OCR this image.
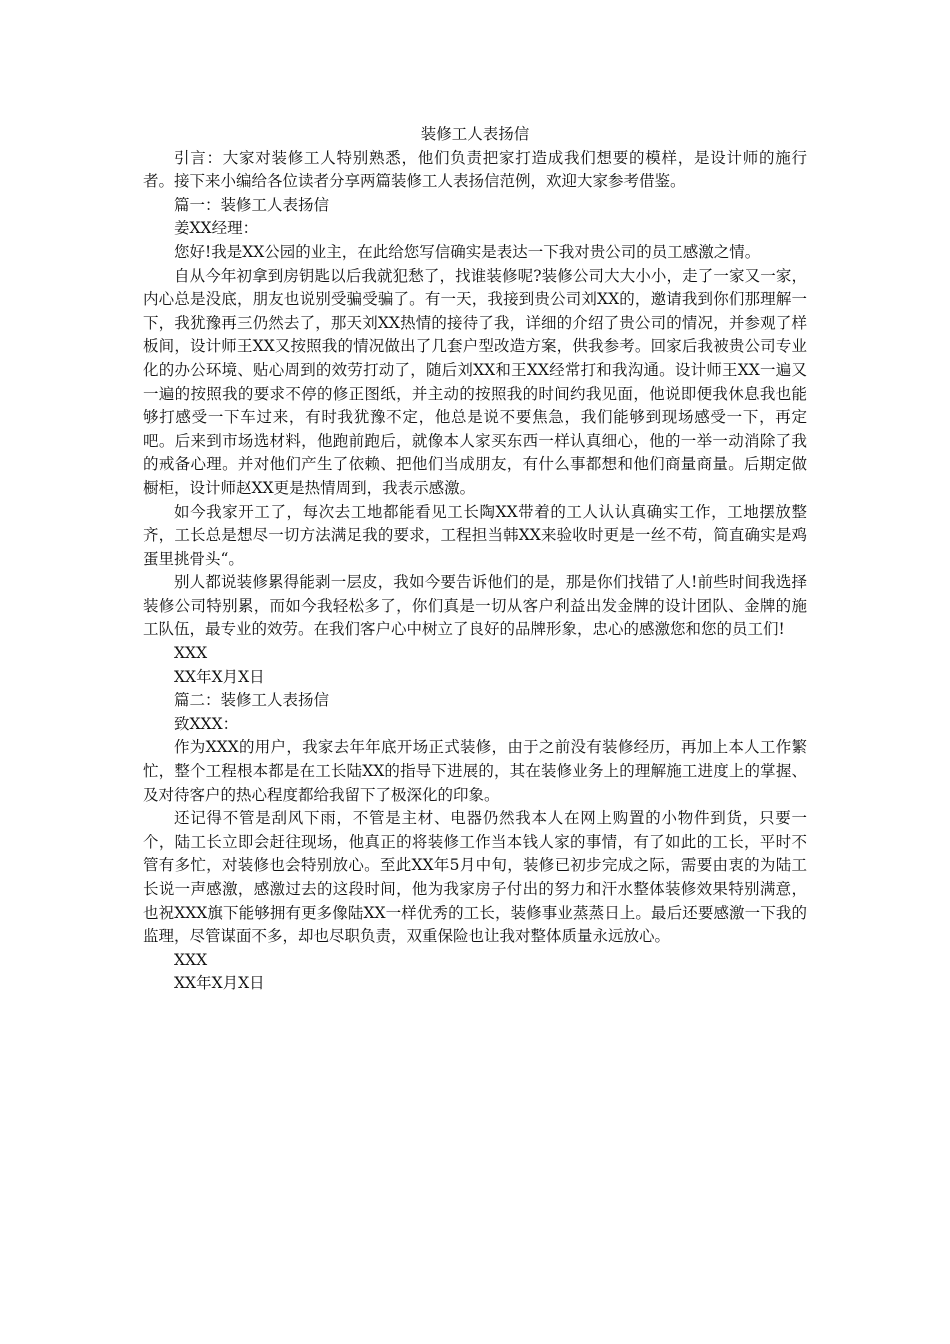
装修工人表扬信

引言：大家对装修工人特别熟悉，他们负责把家打造成我们想要的模样，是设计师的施行者。接下来小编给各位读者分享两篇装修工人表扬信范例，欢迎大家参考借鉴。

篇一：装修工人表扬信

姜XX经理：

您好!我是XX公园的业主，在此给您写信确实是表达一下我对贵公司的员工感激之情。

自从今年初拿到房钥匙以后我就犯愁了，找谁装修呢?装修公司大大小小，走了一家又一家，内心总是没底，朋友也说别受骗受骗了。有一天，我接到贵公司刘XX的，邀请我到你们那理解一下，我犹豫再三仍然去了，那天刘XX热情的接待了我，详细的介绍了贵公司的情况，并参观了样板间，设计师王XX又按照我的情况做出了几套户型改造方案，供我参考。回家后我被贵公司专业化的办公环境、贴心周到的效劳打动了，随后刘XX和王XX经常打和我沟通。设计师王XX一遍又一遍的按照我的要求不停的修正图纸，并主动的按照我的时间约我见面，他说即便我休息我也能够打感受一下车过来，有时我犹豫不定，他总是说不要焦急，我们能够到现场感受一下，再定吧。后来到市场选材料，他跑前跑后，就像本人家买东西一样认真细心，他的一举一动消除了我的戒备心理。并对他们产生了依赖、把他们当成朋友，有什么事都想和他们商量商量。后期定做橱柜，设计师赵XX更是热情周到，我表示感激。

如今我家开工了，每次去工地都能看见工长陶XX带着的工人认认真确实工作，工地摆放整齐，工长总是想尽一切方法满足我的要求，工程担当韩XX来验收时更是一丝不苟，简直确实是鸡蛋里挑骨头“。

别人都说装修累得能剥一层皮，我如今要告诉他们的是，那是你们找错了人!前些时间我选择装修公司特别累，而如今我轻松多了，你们真是一切从客户利益出发金牌的设计团队、金牌的施工队伍，最专业的效劳。在我们客户心中树立了良好的品牌形象，忠心的感激您和您的员工们!

XXX

XX年X月X日

篇二：装修工人表扬信

致XXX：

作为XXX的用户，我家去年年底开场正式装修，由于之前没有装修经历，再加上本人工作繁忙，整个工程根本都是在工长陆XX的指导下进展的，其在装修业务上的理解施工进度上的掌握、及对待客户的热心程度都给我留下了极深化的印象。

还记得不管是刮风下雨，不管是主材、电器仍然我本人在网上购置的小物件到货，只要一个，陆工长立即会赶往现场，他真正的将装修工作当本钱人家的事情，有了如此的工长，平时不管有多忙，对装修也会特别放心。至此XX年5月中旬，装修已初步完成之际，需要由衷的为陆工长说一声感激，感激过去的这段时间，他为我家房子付出的努力和汗水整体装修效果特别满意，也祝XXX旗下能够拥有更多像陆XX一样优秀的工长，装修事业蒸蒸日上。最后还要感激一下我的监理，尽管谋面不多，却也尽职负责，双重保险也让我对整体质量永远放心。

XXX

XX年X月X日
